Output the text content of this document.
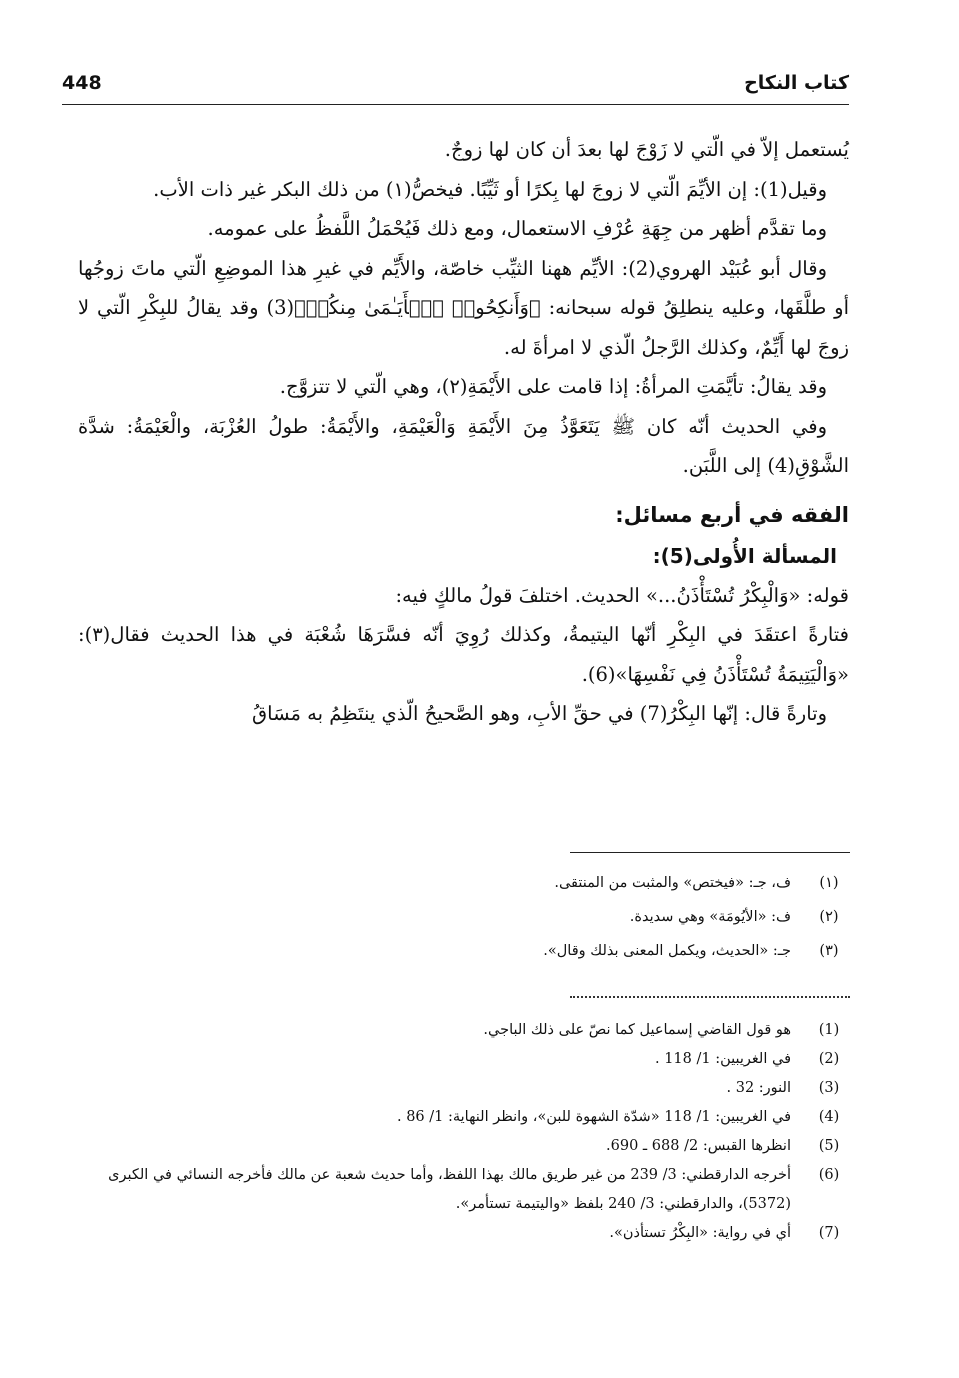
448	كتاب النكاح

يُستعمل إلاّ في الّتي لا زَوْجَ لها بعدَ أن كان لها زوجٌ.

وقيل(1): إن الأيِّمَ الّتي لا زوجَ لها بِكرًا أو ثَيِّبًا. فيخصُّ(١) من ذلك البكر غير ذات الأب.

وما تقدَّم أظهر من جِهَةِ عُرْفِ الاستعمال، ومع ذلك فَيُحْمَلُ اللَّفظُ على عمومه.

وقال أبو عُبَيْد الهروي(2): الأيِّم ههنا الثيِّب خاصّة، والأَيِّم في غيرِ هذا الموضِعِ الّتي ماتَ زوجُها أو طلَّقَها، وعليه ينطلِقُ قوله سبحانه: ﴿وَأَنكِحُوا۟ ٱلۡأَيَـٰمَىٰ مِنكُمۡ﴾(3) وقد يقالُ للبِكْرِ الّتي لا زوجَ لها أَيِّمٌ، وكذلك الرَّجلُ الّذي لا امرأةَ له.

وقد يقالُ: تأيَّمَتِ المرأةُ: إذا قامت على الأَيْمَةِ(٢)، وهي الّتي لا تتزوَّج.

وفي الحديث أنّه كان ﷺ يَتَعَوَّذُ مِنَ الأَيْمَةِ وَالْعَيْمَةِ، والأَيْمَةُ: طولُ العُزْبَة، والْعَيْمَةُ: شدَّة الشَّوْقِ(4) إلى اللَّبَن.

الفقه في أربع مسائل:

المسألة الأُولى(5):

قوله: «وَالْبِكْرُ تُسْتَأْذَنُ...» الحديث. اختلفَ قولُ مالكٍ فيه:

فتارةً اعتقَدَ في البِكْرِ أنّها اليتيمةُ، وكذلك رُوِيَ أنّه فسَّرَهَا شُعْبَة في هذا الحديث فقال(٣): «وَالْيَتِيمَةُ تُسْتَأْذَنُ فِي نَفْسِهَا»(6).

وتارةً قال: إنّها البِكْرُ(7) في حقِّ الأبِ، وهو الصَّحيحُ الّذي ينتَظِمُ به مَسَاقُ

(١)
ف، جـ: «فيختص» والمثبت من المنتقى.
(٢)
ف: «الأيُومَة» وهي سديدة.
(٣)
جـ: «الحديث، ويكمل المعنى بذلك وقال».
(1)
هو قول القاضي إسماعيل كما نصّ على ذلك الباجي.
(2)
في الغريبين: 1/ 118 .
(3)
النور: 32 .
(4)
في الغريبين: 1/ 118 «شدّة الشهوة للبن»، وانظر النهاية: 1/ 86 .
(5)
انظرها القبس: 2/ 688 ـ 690.
(6)
أخرجه الدارقطني: 3/ 239 من غير طريق مالك بهذا اللفظ، وأما حديث شعبة عن مالك فأخرجه النسائي في الكبرى (5372)، والدارقطني: 3/ 240 بلفظ «واليتيمة تستأمر».
(7)
أي في رواية: «البِكْرُ تستأذن».
